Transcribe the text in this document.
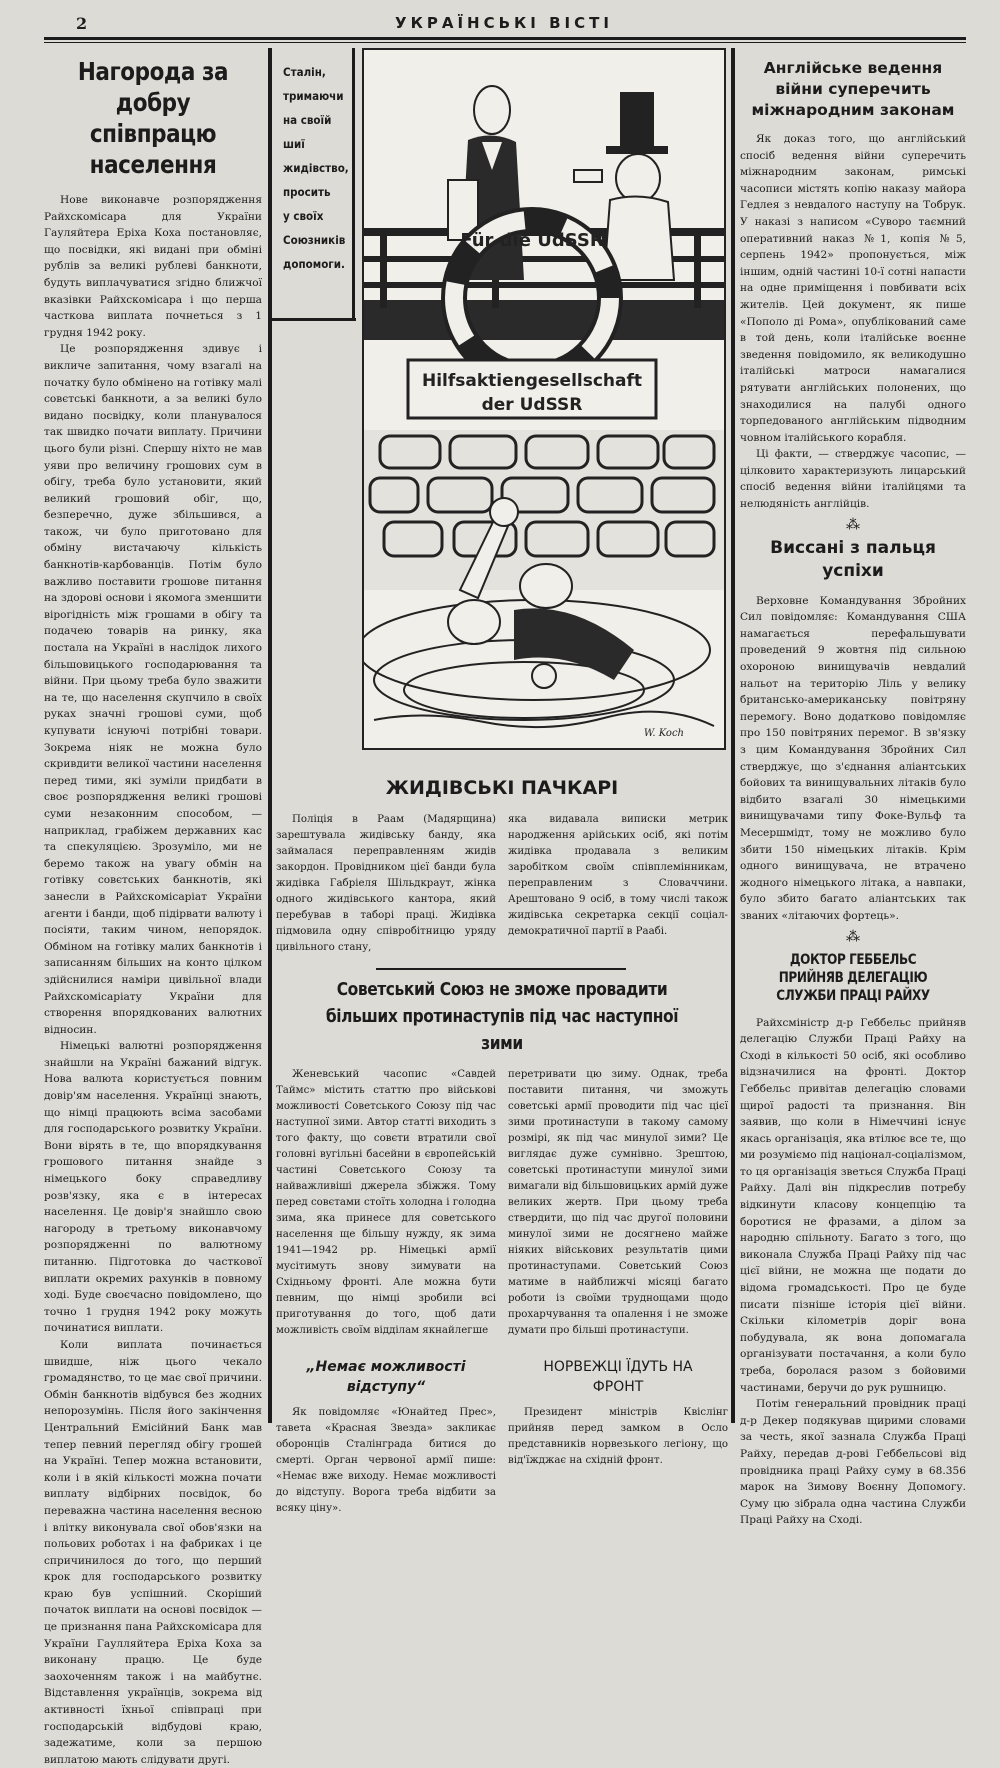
2	УКРАЇНСЬКІ ВІСТІ
Нагорода за добру співпрацю населення

Нове виконавче розпорядження Райхскомісара для України Гауляйтера Еріха Коха постановляє, що посвідки, які видані при обміні рублів за великі рублеві банкноти, будуть виплачуватися згідно ближчої вказівки Райхскомісара і що перша часткова виплата почнеться з 1 грудня 1942 року.

Це розпорядження здивує і викличе запитання, чому взагалі на початку було обмінено на готівку малі совєтські банкноти, а за великі було видано посвідку, коли планувалося так швидко почати виплату. Причини цього були різні. Спершу ніхто не мав уяви про величину грошових сум в обігу, треба було установити, який великий грошовий обіг, що, безперечно, дуже збільшився, а також, чи було приготовано для обміну вистачаючу кількість банкнотів-карбованців. Потім було важливо поставити грошове питання на здорові основи і якомога зменшити вірогідність між грошами в обігу та подачею товарів на ринку, яка постала на Україні в наслідок лихого більшовицького господарювання та війни. При цьому треба було зважити на те, що населення скупчило в своїх руках значні грошові суми, щоб купувати існуючі потрібні товари. Зокрема ніяк не можна було скривдити великої частини населення перед тими, які зуміли придбати в своє розпорядження великі грошові суми незаконним способом, — наприклад, грабіжем державних кас та спекуляцією. Зрозуміло, ми не беремо також на увагу обмін на готівку совєтських банкнотів, які занесли в Райхскомісаріат України агенти і банди, щоб підірвати валюту і посіяти, таким чином, непорядок. Обміном на готівку малих банкнотів і записанням більших на конто цілком здійснилися наміри цивільної влади Райхскомісаріату України для створення впорядкованих валютних відносин.

Німецькі валютні розпорядження знайшли на Україні бажаний відгук. Нова валюта користується повним довір'ям населення. Українці знають, що німці працюють всіма засобами для господарського розвитку України. Вони вірять в те, що впорядкування грошового питання знайде з німецького боку справедливу розв'язку, яка є в інтересах населення. Це довір'я знайшло свою нагороду в третьому виконавчому розпорядженні по валютному питанню. Підготовка до часткової виплати окремих рахунків в повному ході. Буде своєчасно повідомлено, що точно 1 грудня 1942 року можуть починатися виплати.

Коли виплата починається швидше, ніж цього чекало громадянство, то це має свої причини. Обмін банкнотів відбувся без жодних непорозумінь. Після його закінчення Центральний Емісійний Банк мав тепер певний перегляд обігу грошей на Україні. Тепер можна встановити, коли і в якій кількості можна почати виплату відбірних посвідок, бо переважна частина населення весною і влітку виконувала свої обов'язки на польових роботах і на фабриках і це спричинилося до того, що перший крок для господарського розвитку краю був успішний. Скоріший початок виплати на основі посвідок — це признання пана Райхскомісара для України Гаулляйтера Еріха Коха за виконану працю. Це буде заохоченням також і на майбутнє. Відставлення українців, зокрема від активності їхньої співпраці при господарській відбудові краю, задежатиме, коли за першою виплатою мають слідувати другі.

Сталін,
тримаючи
на своїй
шиї
жидівство,
просить
у своїх
Союзників
допомоги.
Für die UdSSR
Hilfsaktiengesellschaft
der UdSSR
W. Koch
ЖИДІВСЬКІ ПАЧКАРІ
Поліція в Раам (Мадярщина) зарештувала жидівську банду, яка займалася переправленням жидів закордон. Провідником цієї банди була жидівка Габріеля Шільдкраут, жінка одного жидівського кантора, який перебував в таборі праці. Жидівка підмовила одну співробітницю уряду цивільного стану,
яка видавала виписки метрик народження арійських осіб, які потім жидівка продавала з великим заробітком своїм співплемінникам, переправленим з Словаччини. Арештовано 9 осіб, в тому числі також жидівська секретарка секції соціал-демократичної партії в Раабі.
Советський Союз не зможе провадити більших протинаступів під час наступної зими
Женевський часопис «Савдей Таймс» містить статтю про військові можливості Советського Союзу під час наступної зими. Автор статті виходить з того факту, що совєти втратили свої головні вугільні басейни в європейській частині Советського Союзу та найважливіші джерела збіжжя. Тому перед совєтами стоїть холодна і голодна зима, яка принесе для советського населення ще більшу нужду, як зима 1941—1942 рр. Німецькі армії мусітимуть знову зимувати на Східньому фронті. Але можна бути певним, що німці зробили всі приготування до того, щоб дати можливість своїм відділам якнайлегше
перетривати цю зиму. Однак, треба поставити питання, чи зможуть советські армії проводити під час цієї зими протинаступи в такому самому розмірі, як під час минулої зими? Це виглядає дуже сумнівно. Зрештою, советські протинаступи минулої зими вимагали від більшовицьких армій дуже великих жертв. При цьому треба ствердити, що під час другої половини минулої зими не досягнено майже ніяких військових результатів цими протинаступами. Советський Союз матиме в найближчі місяці багато роботи із своїми труднощами щодо прохарчування та опалення і не зможе думати про більші протинаступи.
„Немає можливості відступу“
Як повідомляє «Юнайтед Прес», тавета «Красная Звезда» закликає оборонців Сталінграда битися до смерті. Орган червоної армії пише: «Немає вже виходу. Немає можливості до відступу. Ворога треба відбити за всяку ціну».
НОРВЕЖЦІ ЇДУТЬ НА ФРОНТ
Президент міністрів Квіслінг прийняв перед замком в Осло представників норвезького легіону, що від'їжджає на східній фронт.
Англійське ведення війни суперечить міжнародним законам

Як доказ того, що англійський спосіб ведення війни суперечить міжнародним законам, римські часописи містять копію наказу майора Гедлея з невдалого наступу на Тобрук. У наказі з написом «Суворо таємний оперативний наказ №1, копія №5, серпень 1942» пропонується, між іншим, одній частині 10-ї сотні напасти на одне приміщення і повбивати всіх жителів. Цей документ, як пише «Пополо ді Рома», опублікований саме в той день, коли італійське воєнне зведення повідомило, як великодушно італійські матроси намагалися рятувати англійських полонених, що знаходилися на палубі одного торпедованого англійським підводним човном італійського корабля.

Ці факти, — стверджує часопис, — цілковито характеризують лицарський спосіб ведення війни італійцями та нелюдяність англійців.

⁂
Виссані з пальця успіхи

Верховне Командування Збройних Сил повідомляє: Командування США намагається перефальшувати проведений 9 жовтня під сильною охороною винищувачів невдалий нальот на територію Ліль у велику британсько-американську повітряну перемогу. Воно додатково повідомляє про 150 повітряних перемог. В зв'язку з цим Командування Збройних Сил стверджує, що з'єднання аліантських бойових та винищувальних літаків було відбито взагалі 30 німецькими винищувачами типу Фоке-Вульф та Месершмідт, тому не можливо було збити 150 німецьких літаків. Крім одного винищувача, не втрачено жодного німецького літака, а навпаки, було збито багато аліантських так званих «літаючих фортець».

⁂
ДОКТОР ГЕББЕЛЬС ПРИЙНЯВ ДЕЛЕГАЦІЮ СЛУЖБИ ПРАЦІ РАЙХУ

Райхсміністр д-р Геббельс прийняв делегацію Служби Праці Райху на Сході в кількості 50 осіб, які особливо відзначилися на фронті. Доктор Геббельс привітав делегацію словами щирої радості та признання. Він заявив, що коли в Німеччині існує якась організація, яка втілює все те, що ми розуміємо під націонал-соціалізмом, то ця організація зветься Служба Праці Райху. Далі він підкреслив потребу відкинути класову концепцію та боротися не фразами, а ділом за народню спільноту. Багато з того, що виконала Служба Праці Райху під час цієї війни, не можна ще подати до відома громадськості. Про це буде писати пізніше історія цієї війни. Скільки кілометрів доріг вона побудувала, як вона допомагала організувати постачання, а коли було треба, боролася разом з бойовими частинами, беручи до рук рушницю.

Потім генеральний провідник праці д-р Декер подякував щирими словами за честь, якої зазнала Служба Праці Райху, передав д-рові Геббельсові від провідника праці Райху суму в 68.356 марок на Зимову Воєнну Допомогу. Суму цю зібрала одна частина Служби Праці Райху на Сході.
